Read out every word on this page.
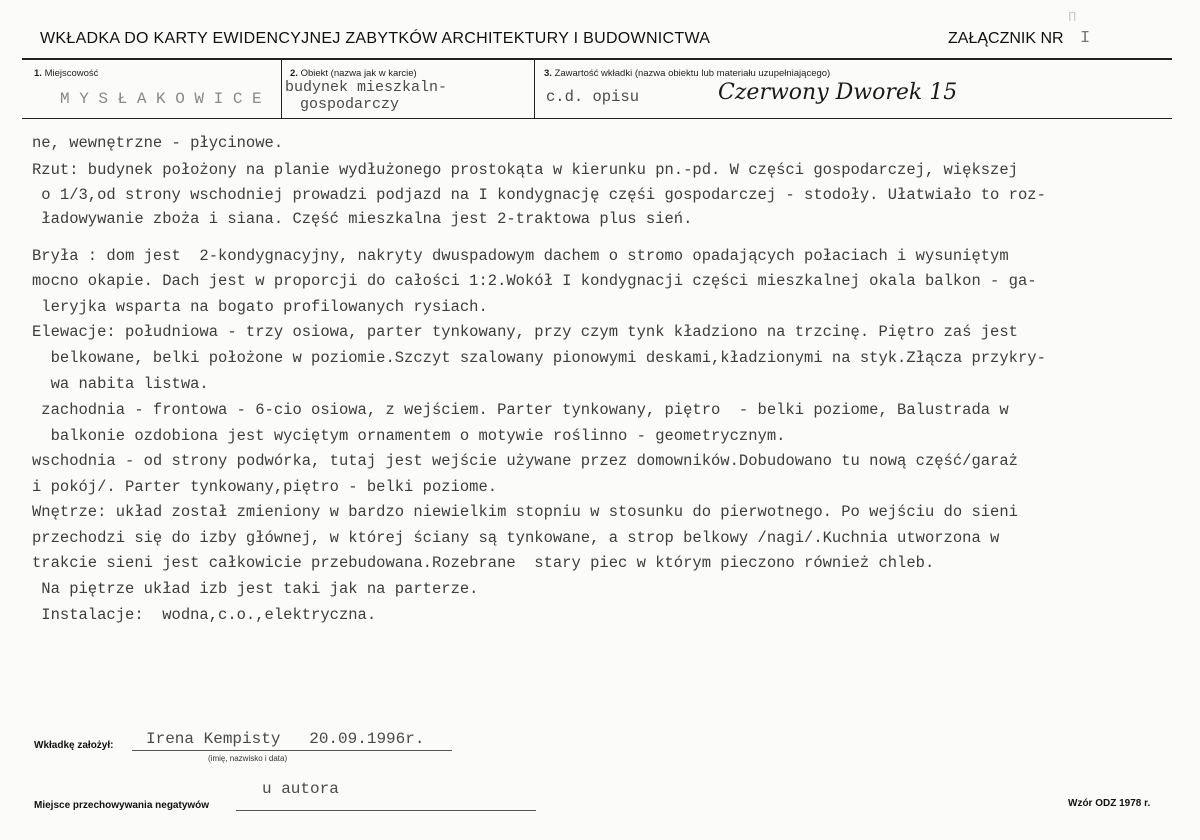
П
WKŁADKA DO KARTY EWIDENCYJNEJ ZABYTKÓW ARCHITEKTURY I BUDOWNICTWA	ZAŁĄCZNIK NR I
1. Miejscowość
M Y S Ł A K O W I C E
2. Obiekt (nazwa jak w karcie)
budynek mieszkaln-
gospodarczy
3. Zawartość wkładki (nazwa obiektu lub materiału uzupełniającego)
c.d. opisu	Czerwony Dworek 15
ne, wewnętrzne - płycinowe.
Rzut: budynek położony na planie wydłużonego prostokąta w kierunku pn.-pd. W części gospodarczej, większej
o 1/3,od strony wschodniej prowadzi podjazd na I kondygnację częśi gospodarczej - stodoły. Ułatwiało to roz-
ładowywanie zboża i siana. Część mieszkalna jest 2-traktowa plus sień.
Bryła : dom jest  2-kondygnacyjny, nakryty dwuspadowym dachem o stromo opadających połaciach i wysuniętym
mocno okapie. Dach jest w proporcji do całości 1:2.Wokół I kondygnacji części mieszkalnej okala balkon - ga-
leryjka wsparta na bogato profilowanych rysiach.
Elewacje: południowa - trzy osiowa, parter tynkowany, przy czym tynk kładziono na trzcinę. Piętro zaś jest
belkowane, belki położone w poziomie.Szczyt szalowany pionowymi deskami,kładzionymi na styk.Złącza przykry-
wa nabita listwa.
zachodnia - frontowa - 6-cio osiowa, z wejściem. Parter tynkowany, piętro  - belki poziome, Balustrada w
balkonie ozdobiona jest wyciętym ornamentem o motywie roślinno - geometrycznym.
wschodnia - od strony podwórka, tutaj jest wejście używane przez domowników.Dobudowano tu nową część/garaż
i pokój/. Parter tynkowany,piętro - belki poziome.
Wnętrze: układ został zmieniony w bardzo niewielkim stopniu w stosunku do pierwotnego. Po wejściu do sieni
przechodzi się do izby głównej, w której ściany są tynkowane, a strop belkowy /nagi/.Kuchnia utworzona w
trakcie sieni jest całkowicie przebudowana.Rozebrane  stary piec w którym pieczono również chleb.
Na piętrze układ izb jest taki jak na parterze.
Instalacje:  wodna,c.o.,elektryczna.
Wkładkę założył: Irena Kempisty   20.09.1996r.
(imię, nazwisko i data)
u autora
Miejsce przechowywania negatywów	Wzór ODZ 1978 r.
